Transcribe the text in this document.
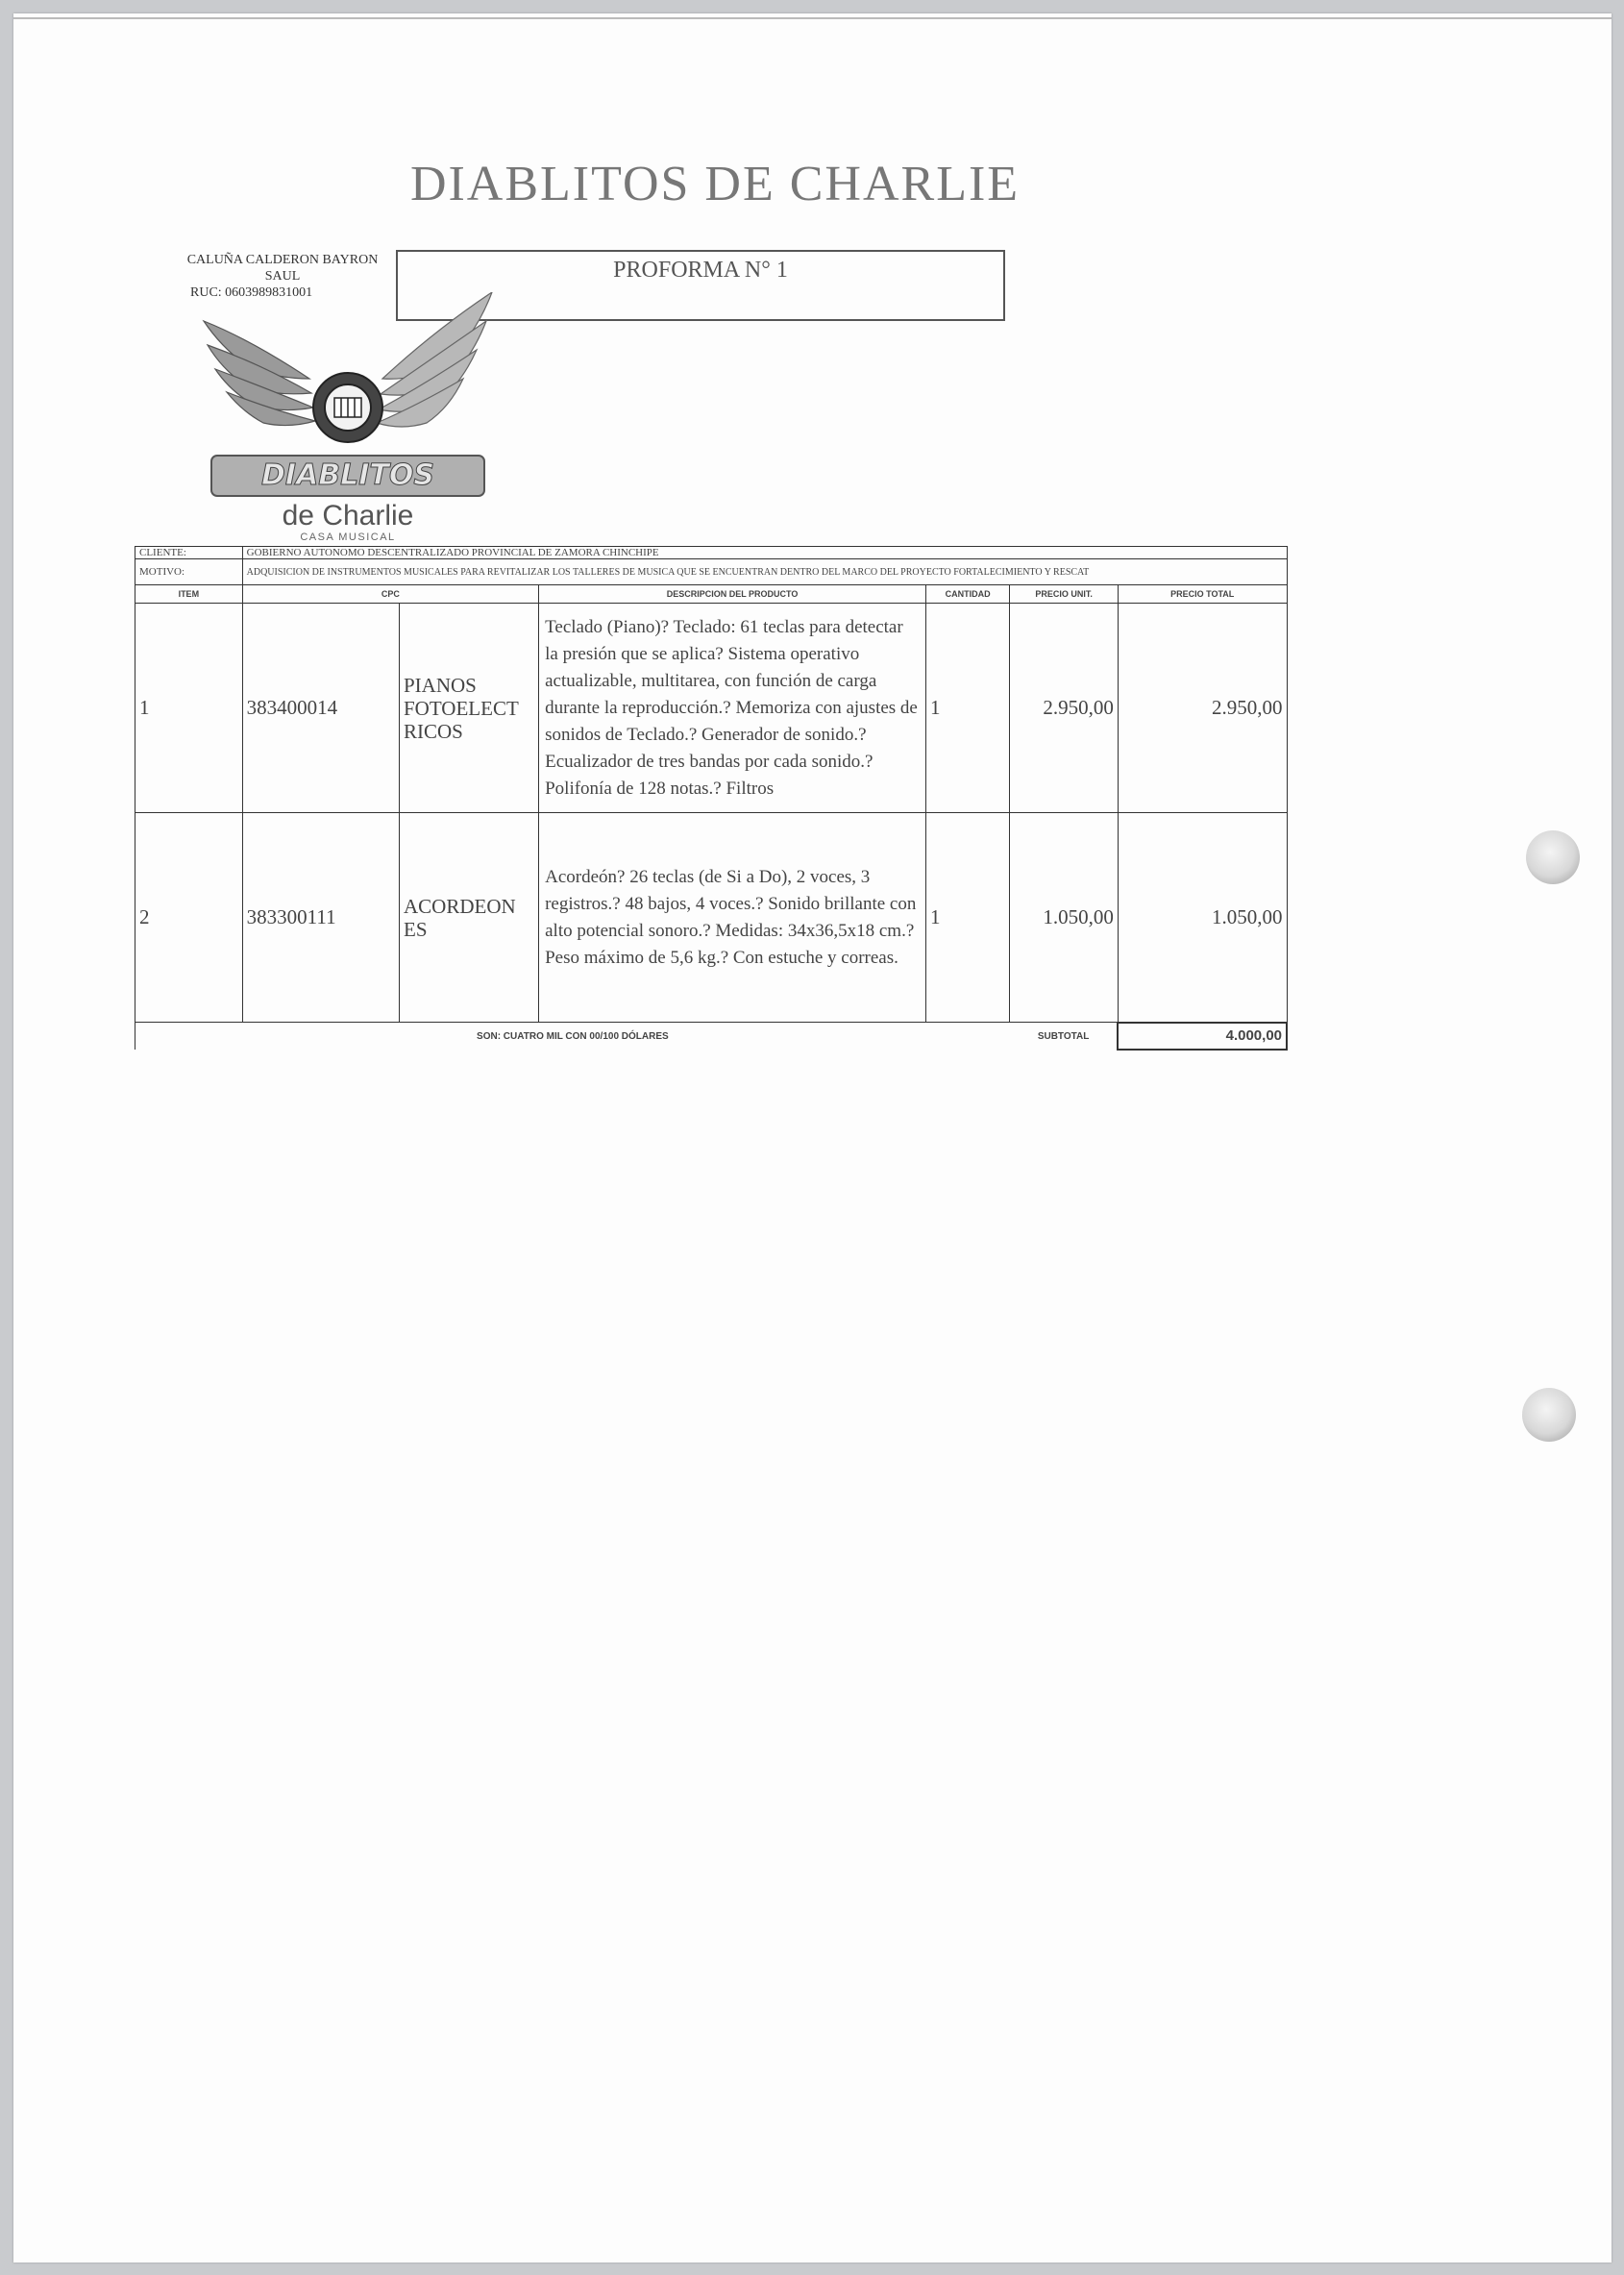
DIABLITOS DE CHARLIE
CALUÑA CALDERON BAYRON
SAUL
RUC: 0603989831001
PROFORMA N° 1
DIABLITOS
de Charlie
CASA MUSICAL
CLIENTE:	GOBIERNO AUTONOMO DESCENTRALIZADO PROVINCIAL DE ZAMORA CHINCHIPE					
MOTIVO:	ADQUISICION DE INSTRUMENTOS MUSICALES PARA REVITALIZAR LOS TALLERES DE MUSICA QUE SE ENCUENTRAN DENTRO DEL MARCO DEL PROYECTO FORTALECIMIENTO Y RESCAT					
ITEM	CPC		DESCRIPCION DEL PRODUCTO	CANTIDAD	PRECIO UNIT.	PRECIO TOTAL
1	383400014	PIANOS FOTOELECT RICOS	Teclado (Piano)? Teclado: 61 teclas para detectar la presión que se aplica? Sistema operativo actualizable, multitarea, con función de carga durante la reproducción.? Memoriza con ajustes de sonidos de Teclado.? Generador de sonido.? Ecualizador de tres bandas por cada sonido.? Polifonía de 128 notas.? Filtros	1	2.950,00	2.950,00
2	383300111	ACORDEON ES	Acordeón? 26 teclas (de Si a Do), 2 voces, 3 registros.? 48 bajos, 4 voces.? Sonido brillante con alto potencial sonoro.? Medidas: 34x36,5x18 cm.? Peso máximo de 5,6 kg.? Con estuche y correas.	1	1.050,00	1.050,00
SON: CUATRO MIL CON 00/100 DÓLARES					SUBTOTAL	4.000,00
